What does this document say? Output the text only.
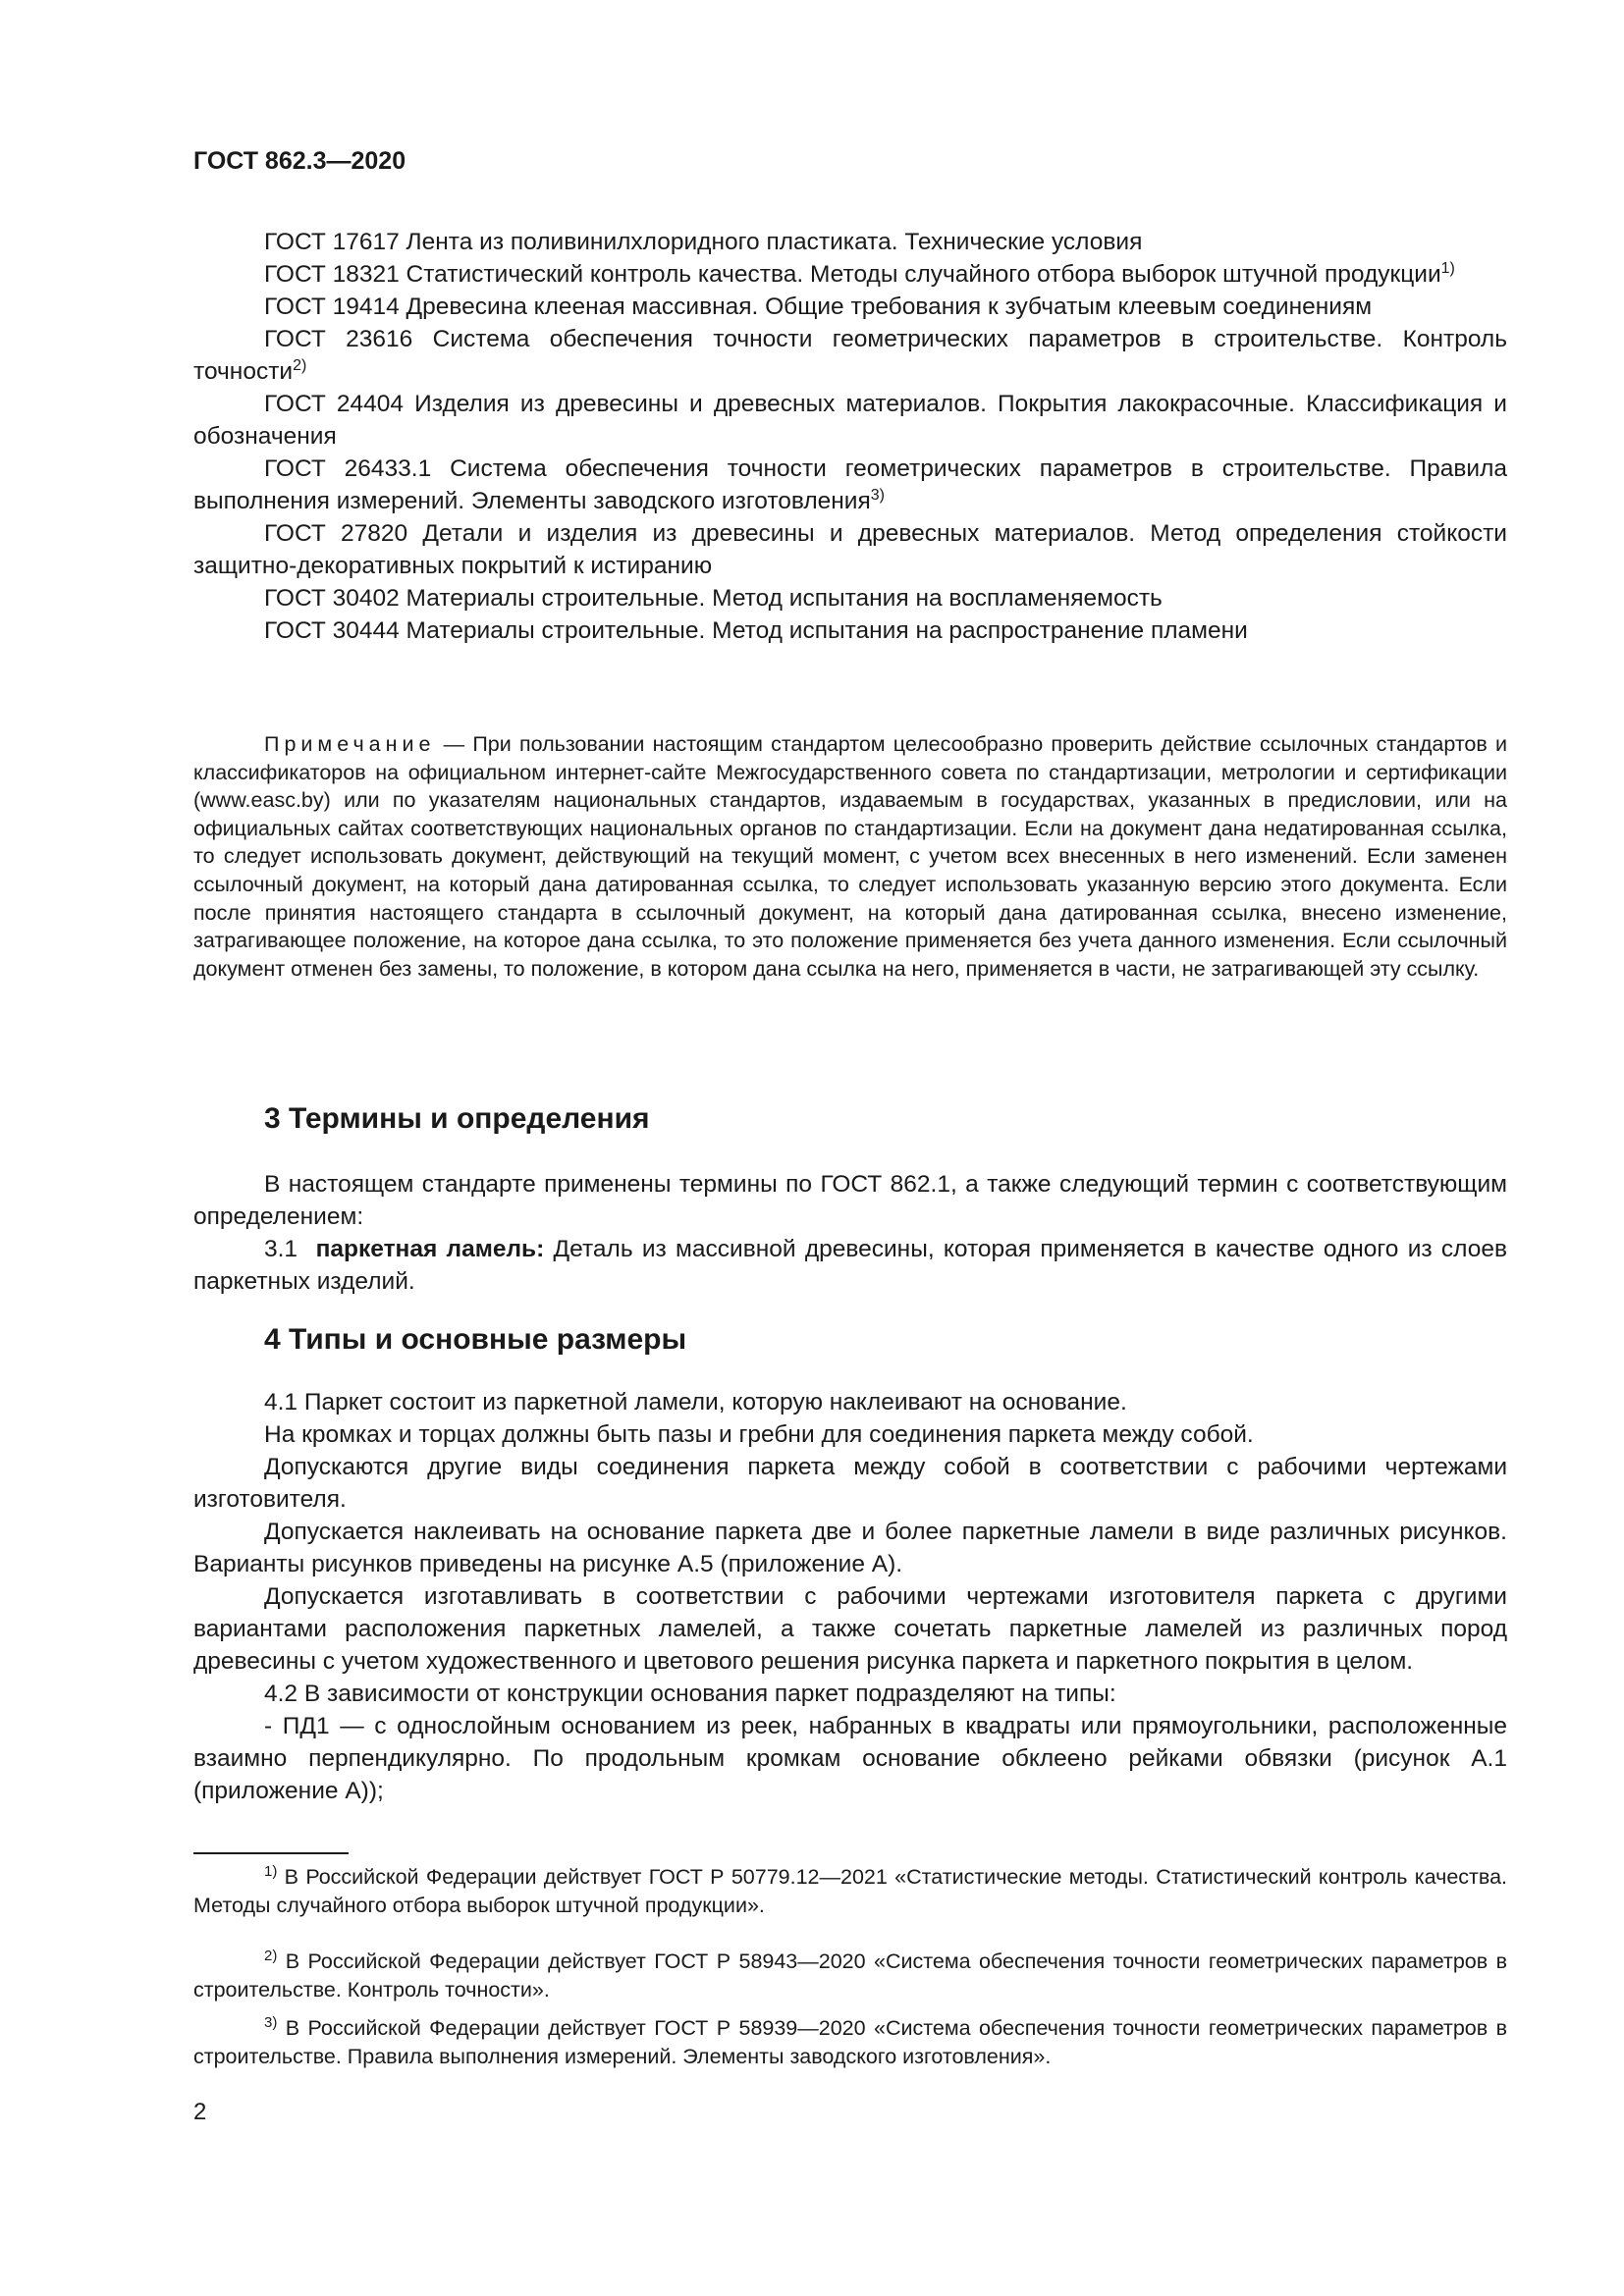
ГОСТ 862.3—2020

ГОСТ 17617 Лента из поливинилхлоридного пластиката. Технические условия

ГОСТ 18321 Статистический контроль качества. Методы случайного отбора выборок штучной продукции$^{1)}$

ГОСТ 19414 Древесина клееная массивная. Общие требования к зубчатым клеевым соединениям

ГОСТ 23616 Система обеспечения точности геометрических параметров в строительстве. Контроль точности$^{2)}$

ГОСТ 24404 Изделия из древесины и древесных материалов. Покрытия лакокрасочные. Классификация и обозначения

ГОСТ 26433.1 Система обеспечения точности геометрических параметров в строительстве. Правила выполнения измерений. Элементы заводского изготовления$^{3)}$

ГОСТ 27820 Детали и изделия из древесины и древесных материалов. Метод определения стойкости защитно-декоративных покрытий к истиранию

ГОСТ 30402 Материалы строительные. Метод испытания на воспламеняемость

ГОСТ 30444 Материалы строительные. Метод испытания на распространение пламени

Примечание — При пользовании настоящим стандартом целесообразно проверить действие ссылочных стандартов и классификаторов на официальном интернет-сайте Межгосударственного совета по стандартизации, метрологии и сертификации (www.easc.by) или по указателям национальных стандартов, издаваемым в государствах, указанных в предисловии, или на официальных сайтах соответствующих национальных органов по стандартизации. Если на документ дана недатированная ссылка, то следует использовать документ, действующий на текущий момент, с учетом всех внесенных в него изменений. Если заменен ссылочный документ, на который дана датированная ссылка, то следует использовать указанную версию этого документа. Если после принятия настоящего стандарта в ссылочный документ, на который дана датированная ссылка, внесено изменение, затрагивающее положение, на которое дана ссылка, то это положение применяется без учета данного изменения. Если ссылочный документ отменен без замены, то положение, в котором дана ссылка на него, применяется в части, не затрагивающей эту ссылку.

3 Термины и определения

В настоящем стандарте применены термины по ГОСТ 862.1, а также следующий термин с соответствующим определением:

3.1 паркетная ламель: Деталь из массивной древесины, которая применяется в качестве одного из слоев паркетных изделий.

4 Типы и основные размеры

4.1 Паркет состоит из паркетной ламели, которую наклеивают на основание.

На кромках и торцах должны быть пазы и гребни для соединения паркета между собой.

Допускаются другие виды соединения паркета между собой в соответствии с рабочими чертежами изготовителя.

Допускается наклеивать на основание паркета две и более паркетные ламели в виде различных рисунков. Варианты рисунков приведены на рисунке А.5 (приложение А).

Допускается изготавливать в соответствии с рабочими чертежами изготовителя паркета с другими вариантами расположения паркетных ламелей, а также сочетать паркетные ламелей из различных пород древесины с учетом художественного и цветового решения рисунка паркета и паркетного покрытия в целом.

4.2 В зависимости от конструкции основания паркет подразделяют на типы:

- ПД1 — с однослойным основанием из реек, набранных в квадраты или прямоугольники, расположенные взаимно перпендикулярно. По продольным кромкам основание обклеено рейками обвязки (рисунок А.1 (приложение А));

$^{1)}$ В Российской Федерации действует ГОСТ Р 50779.12—2021 «Статистические методы. Статистический контроль качества. Методы случайного отбора выборок штучной продукции».

$^{2)}$ В Российской Федерации действует ГОСТ Р 58943—2020 «Система обеспечения точности геометрических параметров в строительстве. Контроль точности».

$^{3)}$ В Российской Федерации действует ГОСТ Р 58939—2020 «Система обеспечения точности геометрических параметров в строительстве. Правила выполнения измерений. Элементы заводского изготовления».

2
